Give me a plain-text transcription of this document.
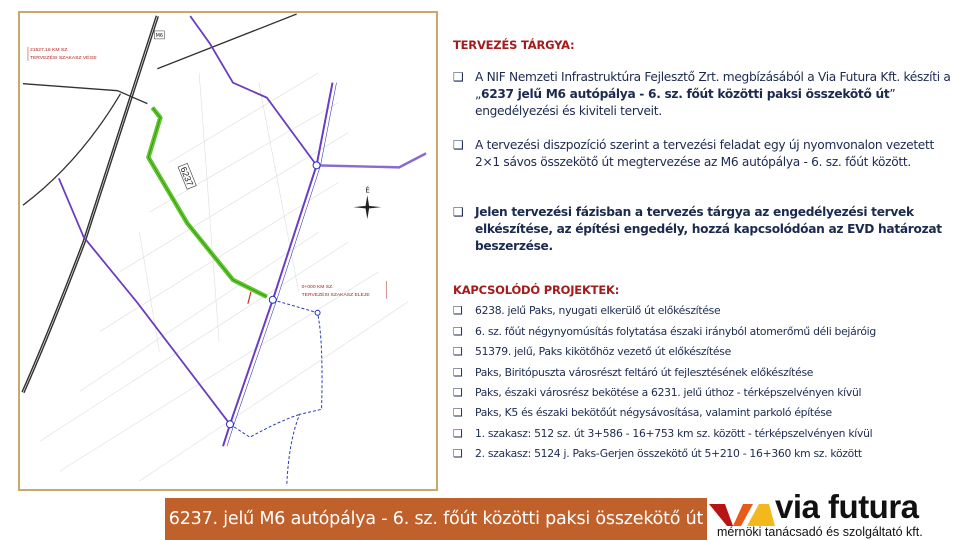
21527,18 KM SZ.
TERVEZÉSI SZAKASZ VÉGE
0+000 KM SZ.
TERVEZÉSI SZAKASZ ELEJE
6237
M6
É
TERVEZÉS TÁRGYA:
❑ A NIF Nemzeti Infrastruktúra Fejlesztő Zrt. megbízásából a Via Futura Kft. készíti a „6237 jelű M6 autópálya - 6. sz. főút közötti paksi összekötő út” engedélyezési és kiviteli terveit.
❑ A tervezési diszpozíció szerint a tervezési feladat egy új nyomvonalon vezetett 2×1 sávos összekötő út megtervezése az M6 autópálya - 6. sz. főút között.
❑ Jelen tervezési fázisban a tervezés tárgya az engedélyezési tervek elkészítése, az építési engedély, hozzá kapcsolódóan az EVD határozat beszerzése.
KAPCSOLÓDÓ PROJEKTEK:
❑ 6238. jelű Paks, nyugati elkerülő út előkészítése
❑ 6. sz. főút négynyomúsítás folytatása északi irányból atomerőmű déli bejáróig
❑ 51379. jelű, Paks kikötőhöz vezető út előkészítése
❑ Paks, Biritópuszta városrészt feltáró út fejlesztésének előkészítése
❑ Paks, északi városrész bekötése a 6231. jelű úthoz - térképszelvényen kívül
❑ Paks, K5 és északi bekötőút négysávosítása, valamint parkoló építése
❑ 1. szakasz: 512 sz. út 3+586 - 16+753 km sz. között - térképszelvényen kívül
❑ 2. szakasz: 5124 j. Paks-Gerjen összekötő út 5+210 - 16+360 km sz. között
6237. jelű M6 autópálya - 6. sz. főút közötti paksi összekötő út via futura
mérnöki tanácsadó és szolgáltató kft.
